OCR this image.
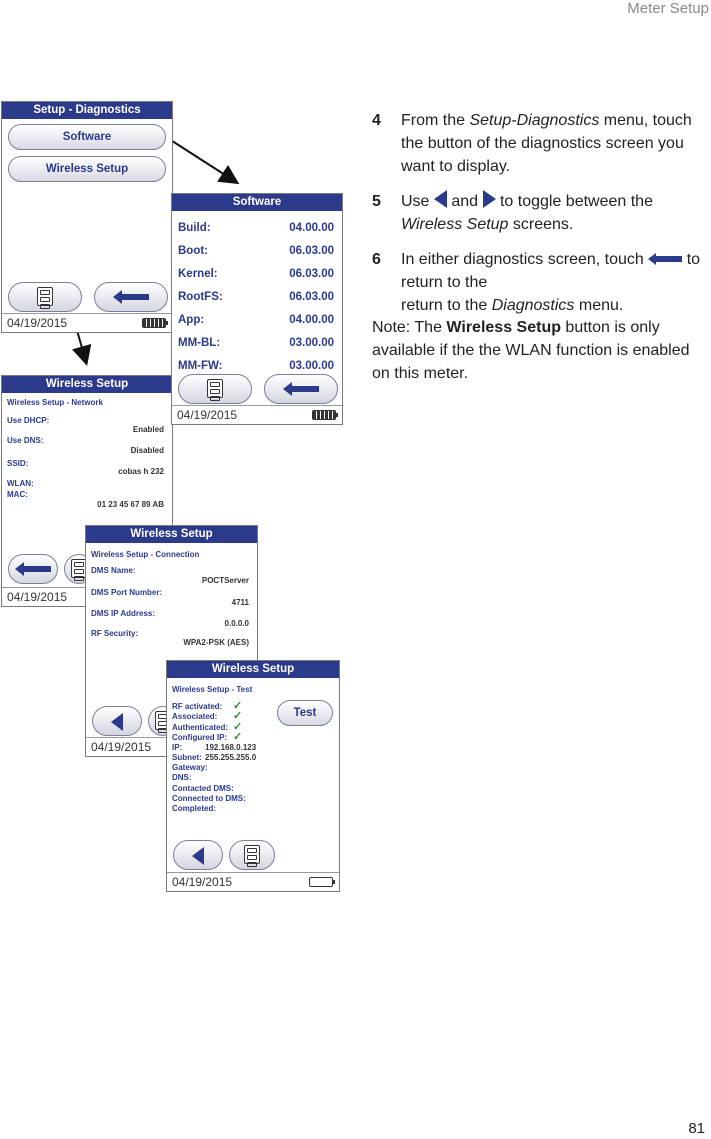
Meter Setup
Setup - Diagnostics
Software
Wireless Setup
04/19/2015
Wireless Setup
Wireless Setup - Network
Use DHCP:
Enabled
Use DNS:
Disabled
SSID:
cobas h 232
WLAN:
MAC:
01 23 45 67 89 AB
04/19/2015
Software
Build:	04.00.00
Boot:	06.03.00
Kernel:	06.03.00
RootFS:	06.03.00
App:	04.00.00
MM-BL:	03.00.00
MM-FW:	03.00.00
04/19/2015
Wireless Setup
Wireless Setup - Connection
DMS Name:
POCTServer
DMS Port Number:
4711
DMS IP Address:
0.0.0.0
RF Security:
WPA2-PSK (AES)
04/19/2015
Wireless Setup
Wireless Setup - Test
Test
RF activated: ✓
Associated: ✓
Authenticated: ✓
Configured IP: ✓
IP:	192.168.0.123
Subnet: 255.255.255.0
Gateway:
DNS:
Contacted DMS:
Connected to DMS:
Completed:
04/19/2015
4 From the Setup-Diagnostics menu, touch the button of the diagnostics screen you want to display.
5 Use and to toggle between the
Wireless Setup screens.
6 In either diagnostics screen, touch	to return to the
return to the Diagnostics menu.
Note: The Wireless Setup button is only available if the the WLAN function is enabled on this meter.
81
